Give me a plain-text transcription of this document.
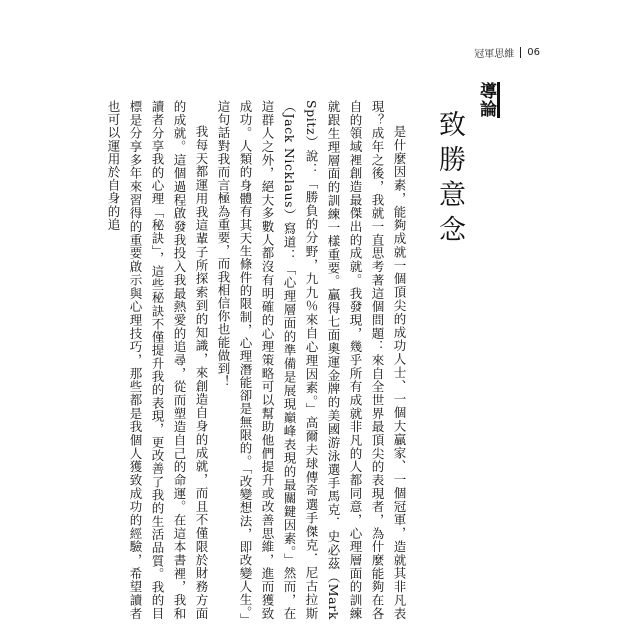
冠軍思維 06
導論
致勝意念

是什麼因素，能夠成就一個頂尖的成功人士、一個大贏家、一個冠軍，造就其非凡表現？成年之後，我就一直思考著這個問題：來自全世界最頂尖的表現者，為什麼能夠在各自的領域裡創造最傑出的成就。我發現，幾乎所有成就非凡的人都同意，心理層面的訓練就跟生理層面的訓練一樣重要。贏得七面奧運金牌的美國游泳選手馬克．史必茲（Mark Spitz）說：「勝負的分野，九九％來自心理因素。」高爾夫球傳奇選手傑克．尼古拉斯（Jack Nicklaus）寫道：「心理層面的準備是展現巔峰表現的最關鍵因素。」然而，在這群人之外，絕大多數人都沒有明確的心理策略可以幫助他們提升或改善思維，進而獲致成功。人類的身體有其天生條件的限制，心理潛能卻是無限的。「改變想法，即改變人生。」這句話對我而言極為重要，而我相信你也能做到！

我每天都運用我這輩子所探索到的知識，來創造自身的成就，而且不僅限於財務方面的成就。這個過程啟發我投入我最熱愛的追尋，從而塑造自己的命運。在這本書裡，我和讀者分享我的心理「秘訣」，這些秘訣不僅提升我的表現，更改善了我的生活品質。我的目標是分享多年來習得的重要啟示與心理技巧，那些都是我個人獲致成功的經驗，希望讀者也可以運用於自身的追
